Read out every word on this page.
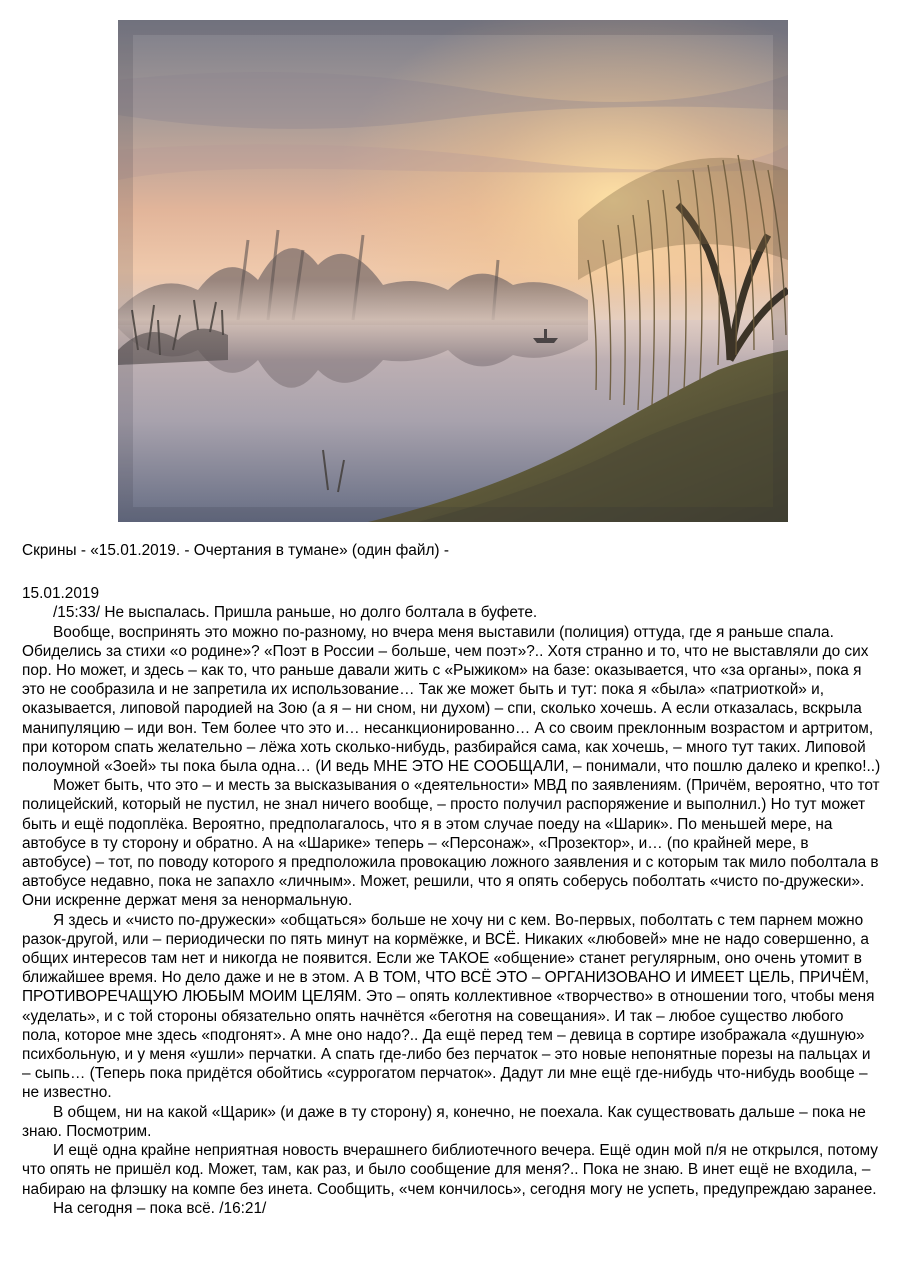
Скрины - «15.01.2019. - Очертания в тумане» (один файл) -

15.01.2019

/15:33/ Не выспалась. Пришла раньше, но долго болтала в буфете.

Вообще, воспринять это можно по-разному, но вчера меня выставили (полиция) оттуда, где я раньше спала. Обиделись за стихи «о родине»? «Поэт в России – больше, чем поэт»?.. Хотя странно и то, что не выставляли до сих пор. Но может, и здесь – как то, что раньше давали жить с «Рыжиком» на базе: оказывается, что «за органы», пока я это не сообразила и не запретила их использование… Так же может быть и тут: пока я «была» «патриоткой» и, оказывается, липовой пародией на Зою (а я – ни сном, ни духом) – спи, сколько хочешь. А если отказалась, вскрыла манипуляцию – иди вон. Тем более что это и… несанкционированно… А со своим преклонным возрастом и артритом, при котором спать желательно – лёжа хоть сколько-нибудь, разбирайся сама, как хочешь, – много тут таких. Липовой полоумной «Зоей» ты пока была одна… (И ведь МНЕ ЭТО НЕ СООБЩАЛИ, – понимали, что пошлю далеко и крепко!..)

Может быть, что это – и месть за высказывания о «деятельности» МВД по заявлениям. (Причём, вероятно, что тот полицейский, который не пустил, не знал ничего вообще, – просто получил распоряжение и выполнил.) Но тут может быть и ещё подоплёка. Вероятно, предполагалось, что я в этом случае поеду на «Шарик». По меньшей мере, на автобусе в ту сторону и обратно. А на «Шарике» теперь – «Персонаж», «Прозектор», и… (по крайней мере, в автобусе) – тот, по поводу которого я предположила провокацию ложного заявления и с которым так мило поболтала в автобусе недавно, пока не запахло «личным». Может, решили, что я опять соберусь поболтать «чисто по-дружески». Они искренне держат меня за ненормальную.

Я здесь и «чисто по-дружески» «общаться» больше не хочу ни с кем. Во-первых, поболтать с тем парнем можно разок-другой, или – периодически по пять минут на кормёжке, и ВСЁ. Никаких «любовей» мне не надо совершенно, а общих интересов там нет и никогда не появится. Если же ТАКОЕ «общение» станет регулярным, оно очень утомит в ближайшее время. Но дело даже и не в этом. А В ТОМ, ЧТО ВСЁ ЭТО – ОРГАНИЗОВАНО И ИМЕЕТ ЦЕЛЬ, ПРИЧЁМ, ПРОТИВОРЕЧАЩУЮ ЛЮБЫМ МОИМ ЦЕЛЯМ. Это – опять коллективное «творчество» в отношении того, чтобы меня «уделать», и с той стороны обязательно опять начнётся «беготня на совещания». И так – любое существо любого пола, которое мне здесь «подгонят». А мне оно надо?.. Да ещё перед тем – девица в сортире изображала «душную» психбольную, и у меня «ушли» перчатки. А спать где-либо без перчаток – это новые непонятные порезы на пальцах и – сыпь… (Теперь пока придётся обойтись «суррогатом перчаток». Дадут ли мне ещё где-нибудь что-нибудь вообще – не известно.

В общем, ни на какой «Щарик» (и даже в ту сторону) я, конечно, не поехала. Как существовать дальше – пока не знаю. Посмотрим.

И ещё одна крайне неприятная новость вчерашнего библиотечного вечера. Ещё один мой п/я не открылся, потому что опять не пришёл код. Может, там, как раз, и было сообщение для меня?.. Пока не знаю. В инет ещё не входила, – набираю на флэшку на компе без инета. Сообщить, «чем кончилось», сегодня могу не успеть, предупреждаю заранее.

На сегодня – пока всё. /16:21/
